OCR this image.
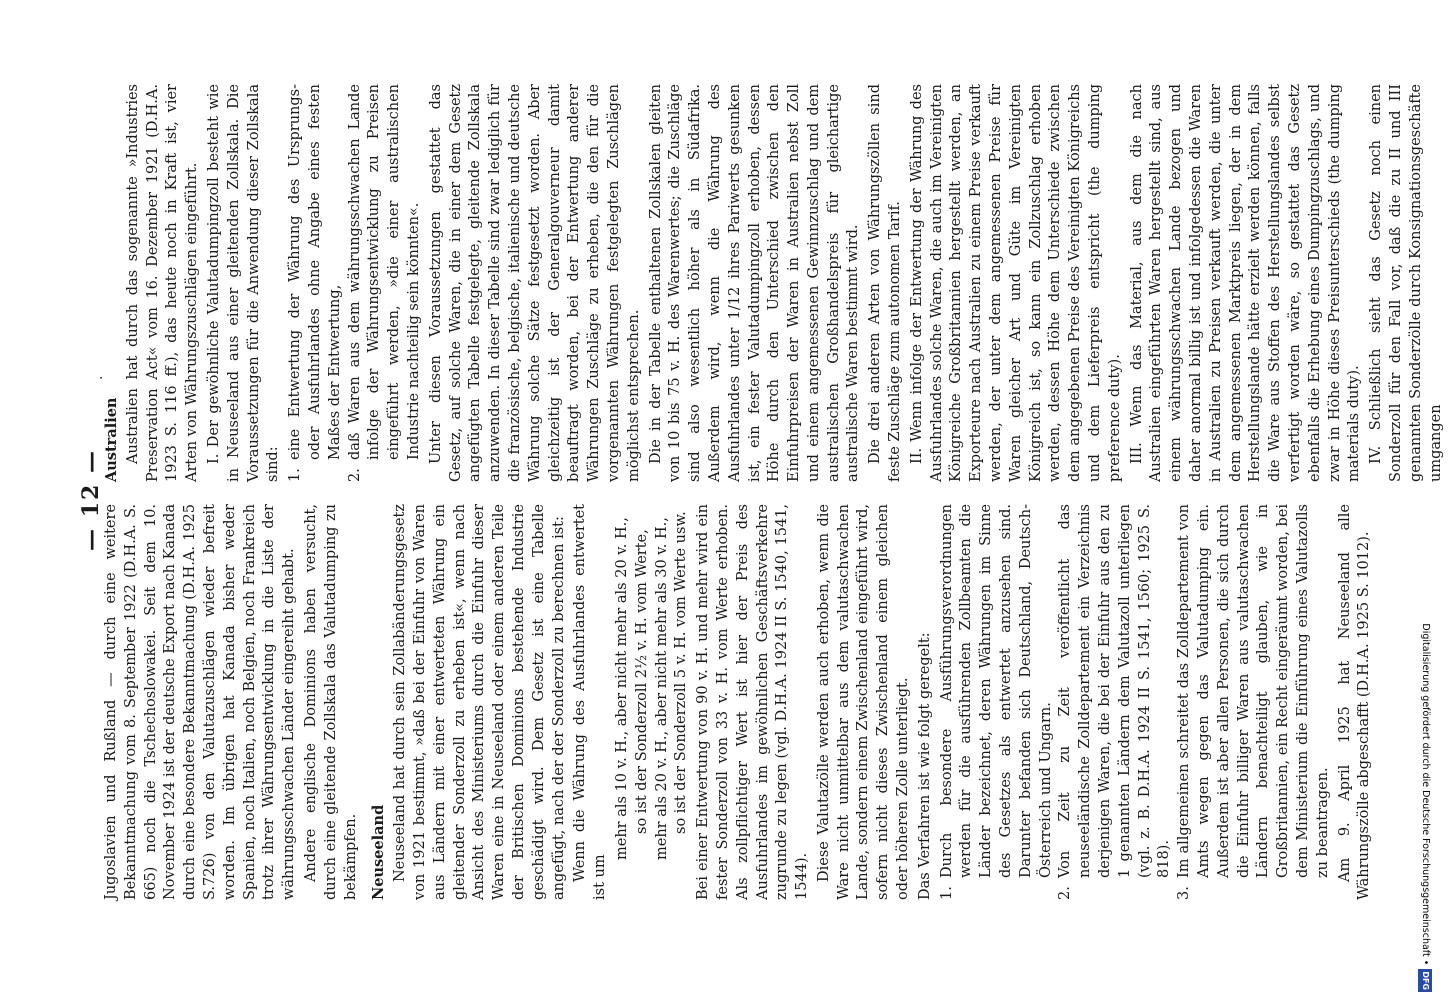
— 12 —
.

Jugoslavien und Rußland — durch eine weitere Bekanntmachung vom 8. September 1922 (D.H.A. S. 665) noch die Tschechoslowakei. Seit dem 10. November 1924 ist der deutsche Export nach Kanada durch eine besondere Bekanntmachung (D.H.A. 1925 S.726) von den Valutazuschlägen wieder befreit worden. Im übrigen hat Kanada bisher weder Spanien, noch Italien, noch Belgien, noch Frankreich trotz ihrer Währungsentwicklung in die Liste der währungsschwachen Länder eingereiht gehabt. Andere englische Dominions haben versucht, durch eine gleitende Zollskala das Valutadumping zu bekämpfen. Neuseeland Neuseeland hat durch sein Zollabänderungsgesetz von 1921 bestimmt, »daß bei der Einfuhr von Waren aus Ländern mit einer entwerteten Währung ein gleitender Sonderzoll zu erheben ist«, wenn nach Ansicht des Ministeriums durch die Einfuhr dieser Waren eine in Neuseeland oder einem anderen Teile der Britischen Dominions bestehende Industrie geschädigt wird. Dem Gesetz ist eine Tabelle angefügt, nach der der Sonderzoll zu berechnen ist: Wenn die Währung des Ausfuhrlandes entwertet ist um

mehr als 10 v. H., aber nicht mehr als 20 v. H., so ist der Sonderzoll 2½ v. H. vom Werte, mehr als 20 v. H., aber nicht mehr als 30 v. H., so ist der Sonderzoll 5 v. H. vom Werte usw. Bei einer Entwertung von 90 v. H. und mehr wird ein fester Sonderzoll von 33 v. H. vom Werte erhoben. Als zollpflichtiger Wert ist hier der Preis des Ausfuhrlandes im gewöhnlichen Geschäftsverkehre zugrunde zu legen (vgl. D.H.A. 1924 II S. 1540, 1541, 1544). Diese Valutazölle werden auch erhoben, wenn die Ware nicht unmittelbar aus dem valutaschwachen Lande, sondern einem Zwischenland eingeführt wird, sofern nicht dieses Zwischenland einem gleichen oder höheren Zolle unterliegt. Das Verfahren ist wie folgt geregelt: 1.
Durch besondere Ausführungsverordnungen werden für die ausführenden Zollbeamten die Länder bezeichnet, deren Währungen im Sinne des Gesetzes als entwertet anzusehen sind. Darunter befanden sich Deutschland, Deutsch-Österreich und Ungarn.
2.
Von Zeit zu Zeit veröffentlicht das neuseeländische Zolldepartement ein Verzeichnis derjenigen Waren, die bei der Einfuhr aus den zu 1 genannten Ländern dem Valutazoll unterliegen (vgl. z. B. D.H.A. 1924 II S. 1541, 1560; 1925 S. 818).
3.
Im allgemeinen schreitet das Zolldepartement von Amts wegen gegen das Valutadumping ein. Außerdem ist aber allen Personen, die sich durch die Einfuhr billiger Waren aus valutaschwachen Ländern benachteiligt glauben, wie in Großbritannien, ein Recht eingeräumt worden, bei dem Ministerium die Einführung eines Valutazolls zu beantragen. Am 9. April 1925 hat Neuseeland alle Währungszölle abgeschafft (D.H.A. 1925 S. 1012).

Australien Australien hat durch das sogenannte »Industries Preservation Act« vom 16. Dezember 1921 (D.H.A. 1923 S. 116 ff.), das heute noch in Kraft ist, vier Arten von Währungszuschlägen eingeführt. I. Der gewöhnliche Valutadumpingzoll besteht wie in Neuseeland aus einer gleitenden Zollskala. Die Voraussetzungen für die Anwendung dieser Zollskala sind: 1.
eine Entwertung der Währung des Ursprungs- oder Ausfuhrlandes ohne Angabe eines festen Maßes der Entwertung,
2.
daß Waren aus dem währungsschwachen Lande infolge der Währungsentwicklung zu Preisen eingeführt werden, »die einer australischen Industrie nachteilig sein könnten«. Unter diesen Voraussetzungen gestattet das Gesetz, auf solche Waren, die in einer dem Gesetz angefügten Tabelle festgelegte, gleitende Zollskala anzuwenden. In dieser Tabelle sind zwar lediglich für die französische, belgische, italienische und deutsche Währung solche Sätze festgesetzt worden. Aber gleichzeitig ist der Generalgouverneur damit beauftragt worden, bei der Entwertung anderer Währungen Zuschläge zu erheben, die den für die vorgenannten Währungen festgelegten Zuschlägen möglichst entsprechen. Die in der Tabelle enthaltenen Zollskalen gleiten von 10 bis 75 v. H. des Warenwertes; die Zuschläge sind also wesentlich höher als in Südafrika. Außerdem wird, wenn die Währung des Ausfuhrlandes unter 1/12 ihres Pariwerts gesunken ist, ein fester Valutadumpingzoll erhoben, dessen Höhe durch den Unterschied zwischen den Einfuhrpreisen der Waren in Australien nebst Zoll und einem angemessenen Gewinnzuschlag und dem australischen Großhandelspreis für gleichartige australische Waren bestimmt wird. Die drei anderen Arten von Währungszöllen sind feste Zuschläge zum autonomen Tarif. II. Wenn infolge der Entwertung der Währung des Ausfuhrlandes solche Waren, die auch im Vereinigten Königreiche Großbritannien hergestellt werden, an Exporteure nach Australien zu einem Preise verkauft werden, der unter dem angemessenen Preise für Waren gleicher Art und Güte im Vereinigten Königreich ist, so kann ein Zollzuschlag erhoben werden, dessen Höhe dem Unterschiede zwischen dem angegebenen Preise des Vereinigten Königreichs und dem Lieferpreis entspricht (the dumping preference duty). III. Wenn das Material, aus dem die nach Australien eingeführten Waren hergestellt sind, aus einem währungsschwachen Lande bezogen und daher anormal billig ist und infolgedessen die Waren in Australien zu Preisen verkauft werden, die unter dem angemessenen Marktpreis liegen, der in dem Herstellungslande hätte erzielt werden können, falls die Ware aus Stoffen des Herstellungslandes selbst verfertigt worden wäre, so gestattet das Gesetz ebenfalls die Erhebung eines Dumpingzuschlags, und zwar in Höhe dieses Preisunterschieds (the dumping materials duty). IV. Schließlich sieht das Gesetz noch einen Sonderzoll für den Fall vor, daß die zu II und III genannten Sonderzölle durch Konsignationsgeschäfte umgangen

Digitalisierung gefördert durch die Deutsche Forschungsgemeinschaft •DFG
